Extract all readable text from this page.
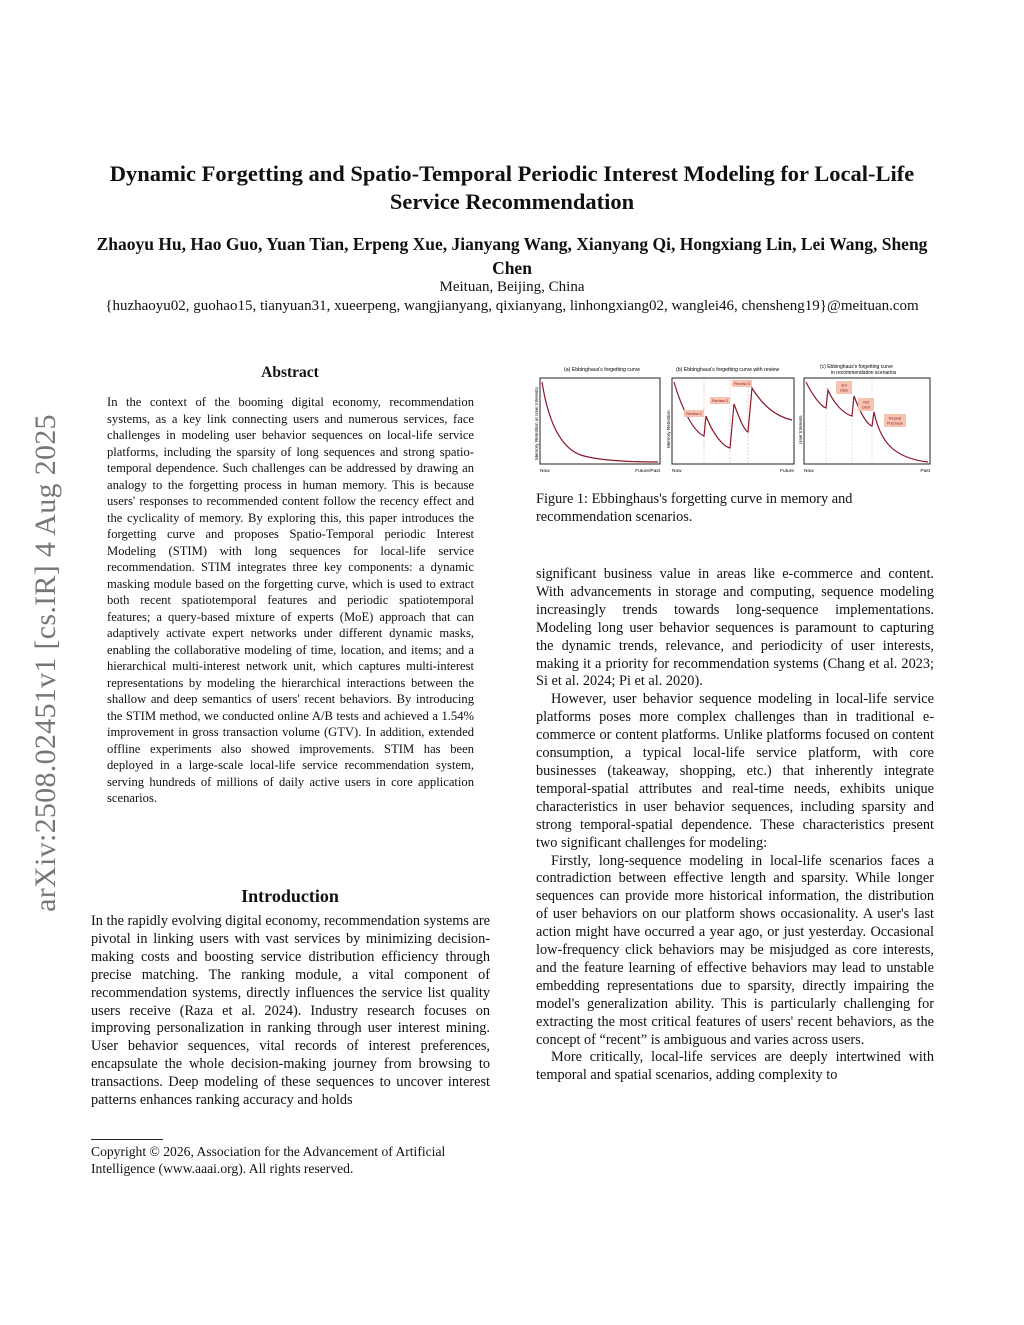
arXiv:2508.02451v1 [cs.IR] 4 Aug 2025
Dynamic Forgetting and Spatio-Temporal Periodic Interest Modeling for Local-Life Service Recommendation
Zhaoyu Hu, Hao Guo, Yuan Tian, Erpeng Xue, Jianyang Wang, Xianyang Qi, Hongxiang Lin, Lei Wang, Sheng Chen
Meituan, Beijing, China
{huzhaoyu02, guohao15, tianyuan31, xueerpeng, wangjianyang, qixianyang, linhongxiang02, wanglei46, chensheng19}@meituan.com
Abstract
In the context of the booming digital economy, recommendation systems, as a key link connecting users and numerous services, face challenges in modeling user behavior sequences on local-life service platforms, including the sparsity of long sequences and strong spatio-temporal dependence. Such challenges can be addressed by drawing an analogy to the forgetting process in human memory. This is because users' responses to recommended content follow the recency effect and the cyclicality of memory. By exploring this, this paper introduces the forgetting curve and proposes Spatio-Temporal periodic Interest Modeling (STIM) with long sequences for local-life service recommendation. STIM integrates three key components: a dynamic masking module based on the forgetting curve, which is used to extract both recent spatiotemporal features and periodic spatiotemporal features; a query-based mixture of experts (MoE) approach that can adaptively activate expert networks under different dynamic masks, enabling the collaborative modeling of time, location, and items; and a hierarchical multi-interest network unit, which captures multi-interest representations by modeling the hierarchical interactions between the shallow and deep semantics of users' recent behaviors. By introducing the STIM method, we conducted online A/B tests and achieved a 1.54% improvement in gross transaction volume (GTV). In addition, extended offline experiments also showed improvements. STIM has been deployed in a large-scale local-life service recommendation system, serving hundreds of millions of daily active users in core application scenarios.
Introduction
In the rapidly evolving digital economy, recommendation systems are pivotal in linking users with vast services by minimizing decision-making costs and boosting service distribution efficiency through precise matching. The ranking module, a vital component of recommendation systems, directly influences the service list quality users receive (Raza et al. 2024). Industry research focuses on improving personalization in ranking through user interest mining. User behavior sequences, vital records of interest preferences, encapsulate the whole decision-making journey from browsing to transactions. Deep modeling of these sequences to uncover interest patterns enhances ranking accuracy and holds
Copyright © 2026, Association for the Advancement of Artificial Intelligence (www.aaai.org). All rights reserved.
(a) Ebbinghaus's forgetting curve
Memory Retention or User Interests
Now	Future/Past
(b) Ebbinghaus's forgetting curve with review
Memory Retention	Review 1
Review 2
Review 3
Now	Future
(c) Ebbinghaus's forgetting curve
in recommendation scenarios
User Interests
3rd
Click
2nd
Click
Repeat
Purchase
Now	Past
Figure 1: Ebbinghaus's forgetting curve in memory and recommendation scenarios.

significant business value in areas like e-commerce and content. With advancements in storage and computing, sequence modeling increasingly trends towards long-sequence implementations. Modeling long user behavior sequences is paramount to capturing the dynamic trends, relevance, and periodicity of user interests, making it a priority for recommendation systems (Chang et al. 2023; Si et al. 2024; Pi et al. 2020).

However, user behavior sequence modeling in local-life service platforms poses more complex challenges than in traditional e-commerce or content platforms. Unlike platforms focused on content consumption, a typical local-life service platform, with core businesses (takeaway, shopping, etc.) that inherently integrate temporal-spatial attributes and real-time needs, exhibits unique characteristics in user behavior sequences, including sparsity and strong temporal-spatial dependence. These characteristics present two significant challenges for modeling:

Firstly, long-sequence modeling in local-life scenarios faces a contradiction between effective length and sparsity. While longer sequences can provide more historical information, the distribution of user behaviors on our platform shows occasionality. A user's last action might have occurred a year ago, or just yesterday. Occasional low-frequency click behaviors may be misjudged as core interests, and the feature learning of effective behaviors may lead to unstable embedding representations due to sparsity, directly impairing the model's generalization ability. This is particularly challenging for extracting the most critical features of users' recent behaviors, as the concept of “recent” is ambiguous and varies across users.

More critically, local-life services are deeply intertwined with temporal and spatial scenarios, adding complexity to
